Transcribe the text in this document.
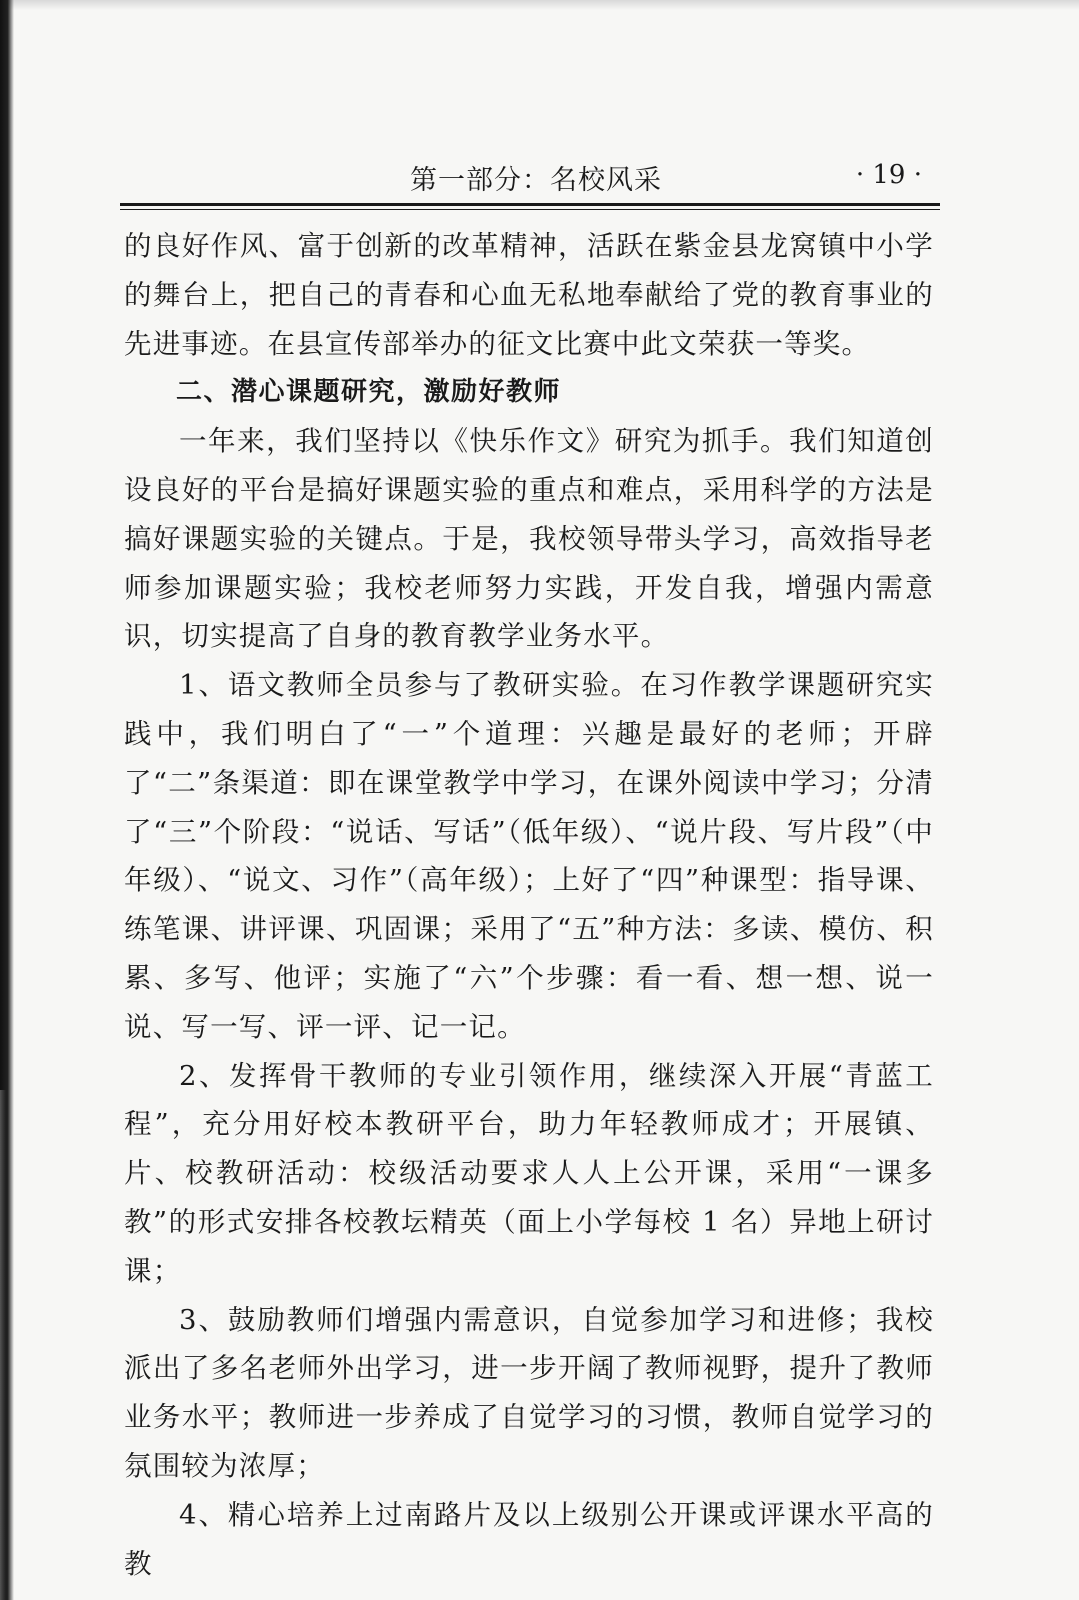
第一部分：名校风采	· 19 ·

的良好作风、富于创新的改革精神，活跃在紫金县龙窝镇中小学的舞台上，把自己的青春和心血无私地奉献给了党的教育事业的先进事迹。在县宣传部举办的征文比赛中此文荣获一等奖。

二、潜心课题研究，激励好教师

一年来，我们坚持以《快乐作文》研究为抓手。我们知道创设良好的平台是搞好课题实验的重点和难点，采用科学的方法是搞好课题实验的关键点。于是，我校领导带头学习，高效指导老师参加课题实验；我校老师努力实践，开发自我，增强内需意识，切实提高了自身的教育教学业务水平。

1、语文教师全员参与了教研实验。在习作教学课题研究实践中，我们明白了“一”个道理：兴趣是最好的老师；开辟了“二”条渠道：即在课堂教学中学习，在课外阅读中学习；分清了“三”个阶段：“说话、写话”（低年级）、“说片段、写片段”（中年级）、“说文、习作”（高年级）；上好了“四”种课型：指导课、练笔课、讲评课、巩固课；采用了“五”种方法：多读、模仿、积累、多写、他评；实施了“六”个步骤：看一看、想一想、说一说、写一写、评一评、记一记。

2、发挥骨干教师的专业引领作用，继续深入开展“青蓝工程”，充分用好校本教研平台，助力年轻教师成才；开展镇、片、校教研活动：校级活动要求人人上公开课，采用“一课多教”的形式安排各校教坛精英（面上小学每校 1 名）异地上研讨课；

3、鼓励教师们增强内需意识，自觉参加学习和进修；我校派出了多名老师外出学习，进一步开阔了教师视野，提升了教师业务水平；教师进一步养成了自觉学习的习惯，教师自觉学习的氛围较为浓厚；

4、精心培养上过南路片及以上级别公开课或评课水平高的教
